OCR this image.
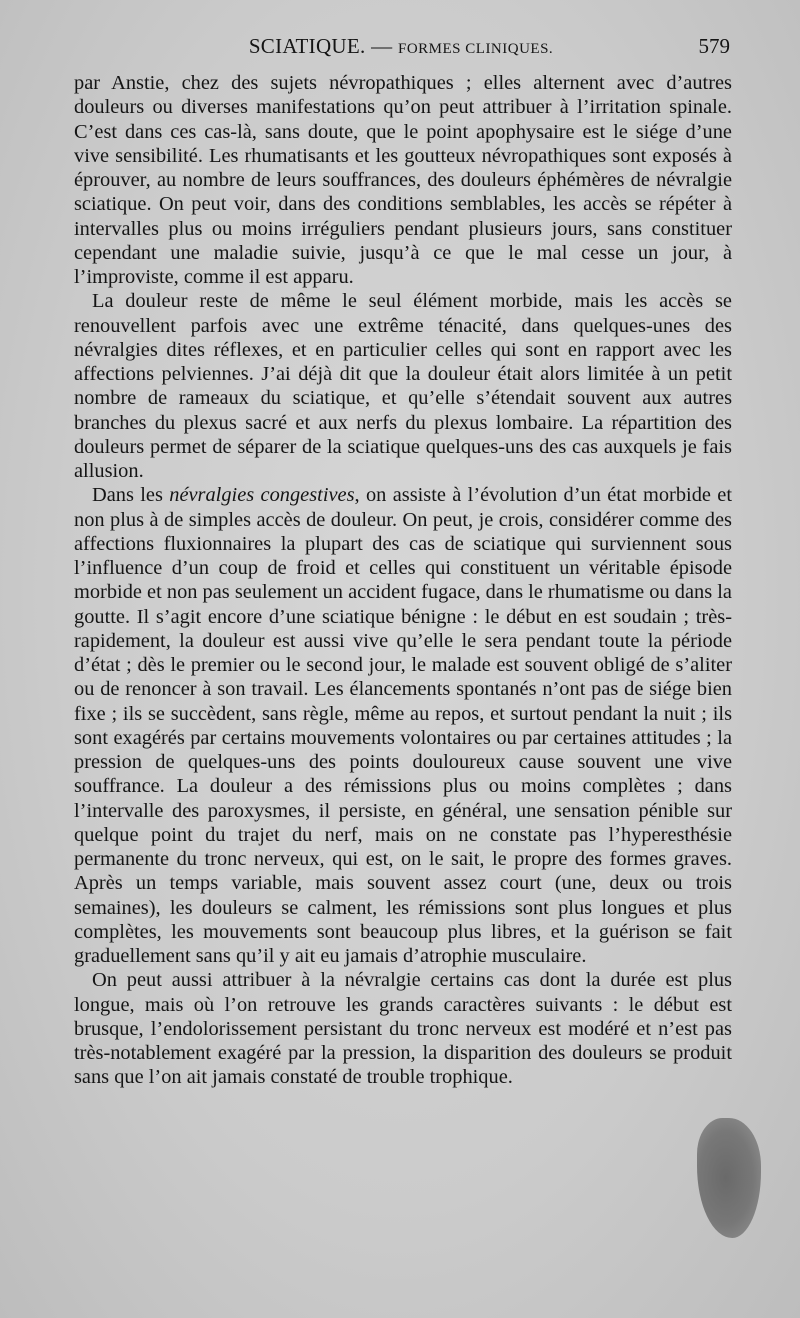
SCIATIQUE. — FORMES CLINIQUES.	579

par Anstie, chez des sujets névropathiques ; elles alternent avec d’autres douleurs ou diverses manifestations qu’on peut attribuer à l’irritation spinale. C’est dans ces cas-là, sans doute, que le point apophysaire est le siége d’une vive sensibilité. Les rhumatisants et les goutteux névropathiques sont exposés à éprouver, au nombre de leurs souffrances, des douleurs éphémères de névralgie sciatique. On peut voir, dans des conditions semblables, les accès se répéter à intervalles plus ou moins irréguliers pendant plusieurs jours, sans constituer cependant une maladie suivie, jusqu’à ce que le mal cesse un jour, à l’improviste, comme il est apparu.

La douleur reste de même le seul élément morbide, mais les accès se renouvellent parfois avec une extrême ténacité, dans quelques-unes des névralgies dites réflexes, et en particulier celles qui sont en rapport avec les affections pelviennes. J’ai déjà dit que la douleur était alors limitée à un petit nombre de rameaux du sciatique, et qu’elle s’étendait souvent aux autres branches du plexus sacré et aux nerfs du plexus lombaire. La répartition des douleurs permet de séparer de la sciatique quelques-uns des cas auxquels je fais allusion.

Dans les névralgies congestives, on assiste à l’évolution d’un état morbide et non plus à de simples accès de douleur. On peut, je crois, considérer comme des affections fluxionnaires la plupart des cas de sciatique qui surviennent sous l’influence d’un coup de froid et celles qui constituent un véritable épisode morbide et non pas seulement un accident fugace, dans le rhumatisme ou dans la goutte. Il s’agit encore d’une sciatique bénigne : le début en est soudain ; très-rapidement, la douleur est aussi vive qu’elle le sera pendant toute la période d’état ; dès le premier ou le second jour, le malade est souvent obligé de s’aliter ou de renoncer à son travail. Les élancements spontanés n’ont pas de siége bien fixe ; ils se succèdent, sans règle, même au repos, et surtout pendant la nuit ; ils sont exagérés par certains mouvements volontaires ou par certaines attitudes ; la pression de quelques-uns des points douloureux cause souvent une vive souffrance. La douleur a des rémissions plus ou moins complètes ; dans l’intervalle des paroxysmes, il persiste, en général, une sensation pénible sur quelque point du trajet du nerf, mais on ne constate pas l’hyperesthésie permanente du tronc nerveux, qui est, on le sait, le propre des formes graves. Après un temps variable, mais souvent assez court (une, deux ou trois semaines), les douleurs se calment, les rémissions sont plus longues et plus complètes, les mouvements sont beaucoup plus libres, et la guérison se fait graduellement sans qu’il y ait eu jamais d’atrophie musculaire.

On peut aussi attribuer à la névralgie certains cas dont la durée est plus longue, mais où l’on retrouve les grands caractères suivants : le début est brusque, l’endolorissement persistant du tronc nerveux est modéré et n’est pas très-notablement exagéré par la pression, la disparition des douleurs se produit sans que l’on ait jamais constaté de trouble trophique.
